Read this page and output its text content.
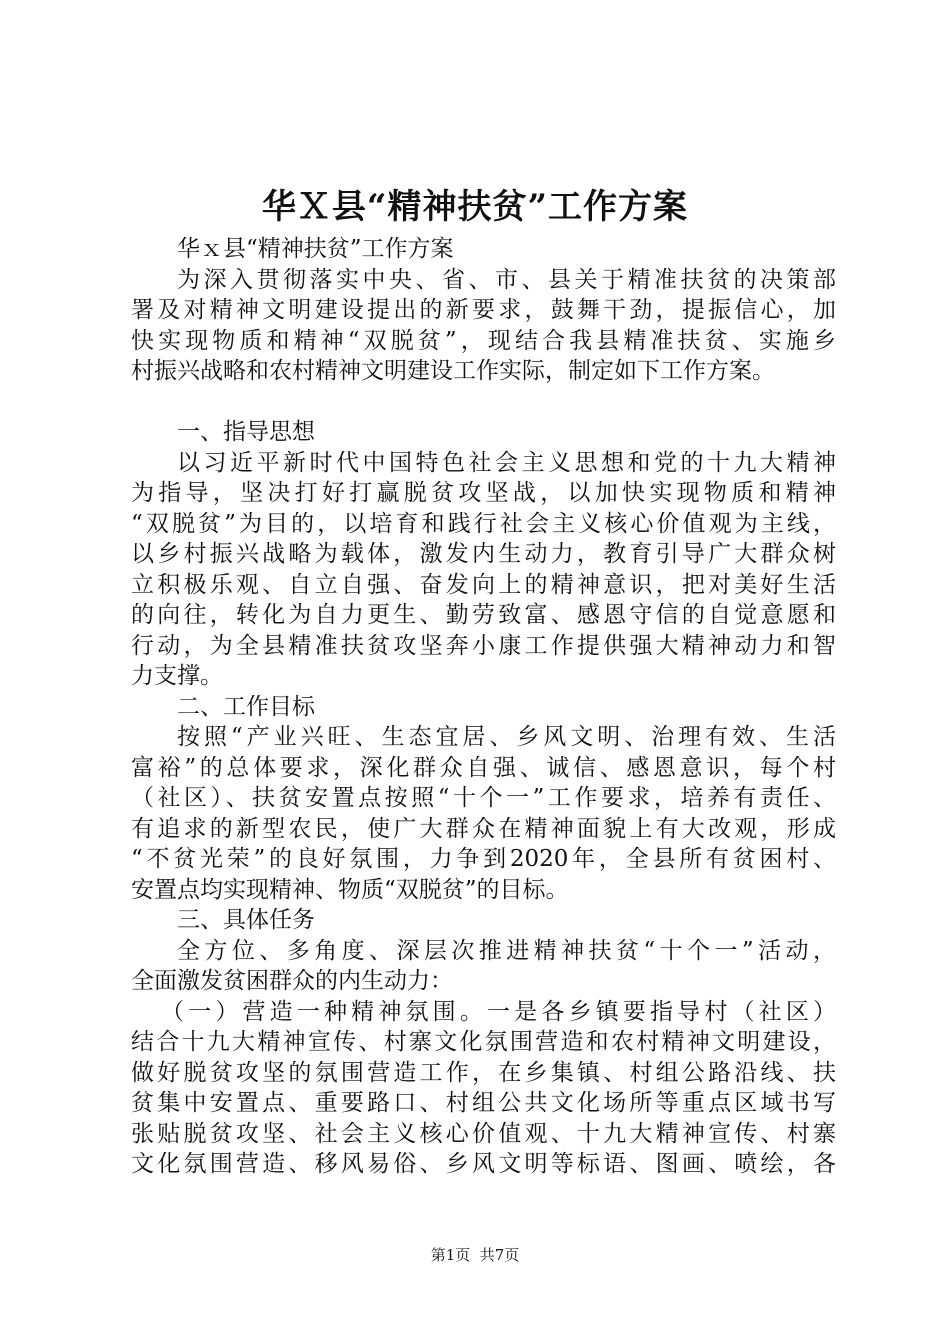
华Ｘ县“精神扶贫”工作方案
华ｘ县“精神扶贫”工作方案
为深入贯彻落实中央、省、市、县关于精准扶贫的决策部
署及对精神文明建设提出的新要求，鼓舞干劲，提振信心，加
快实现物质和精神“双脱贫”，现结合我县精准扶贫、实施乡
村振兴战略和农村精神文明建设工作实际，制定如下工作方案。
一、指导思想
以习近平新时代中国特色社会主义思想和党的十九大精神
为指导，坚决打好打赢脱贫攻坚战，以加快实现物质和精神
“双脱贫”为目的，以培育和践行社会主义核心价值观为主线，
以乡村振兴战略为载体，激发内生动力，教育引导广大群众树
立积极乐观、自立自强、奋发向上的精神意识，把对美好生活
的向往，转化为自力更生、勤劳致富、感恩守信的自觉意愿和
行动，为全县精准扶贫攻坚奔小康工作提供强大精神动力和智
力支撑。
二、工作目标
按照“产业兴旺、生态宜居、乡风文明、治理有效、生活
富裕”的总体要求，深化群众自强、诚信、感恩意识，每个村
（社区）、扶贫安置点按照“十个一”工作要求，培养有责任、
有追求的新型农民，使广大群众在精神面貌上有大改观，形成
“不贫光荣”的良好氛围，力争到2020年，全县所有贫困村、
安置点均实现精神、物质“双脱贫”的目标。
三、具体任务
全方位、多角度、深层次推进精神扶贫“十个一”活动，
全面激发贫困群众的内生动力：
（一）营造一种精神氛围。一是各乡镇要指导村（社区）
结合十九大精神宣传、村寨文化氛围营造和农村精神文明建设，
做好脱贫攻坚的氛围营造工作，在乡集镇、村组公路沿线、扶
贫集中安置点、重要路口、村组公共文化场所等重点区域书写
张贴脱贫攻坚、社会主义核心价值观、十九大精神宣传、村寨
文化氛围营造、移风易俗、乡风文明等标语、图画、喷绘，各
第1页  共7页
